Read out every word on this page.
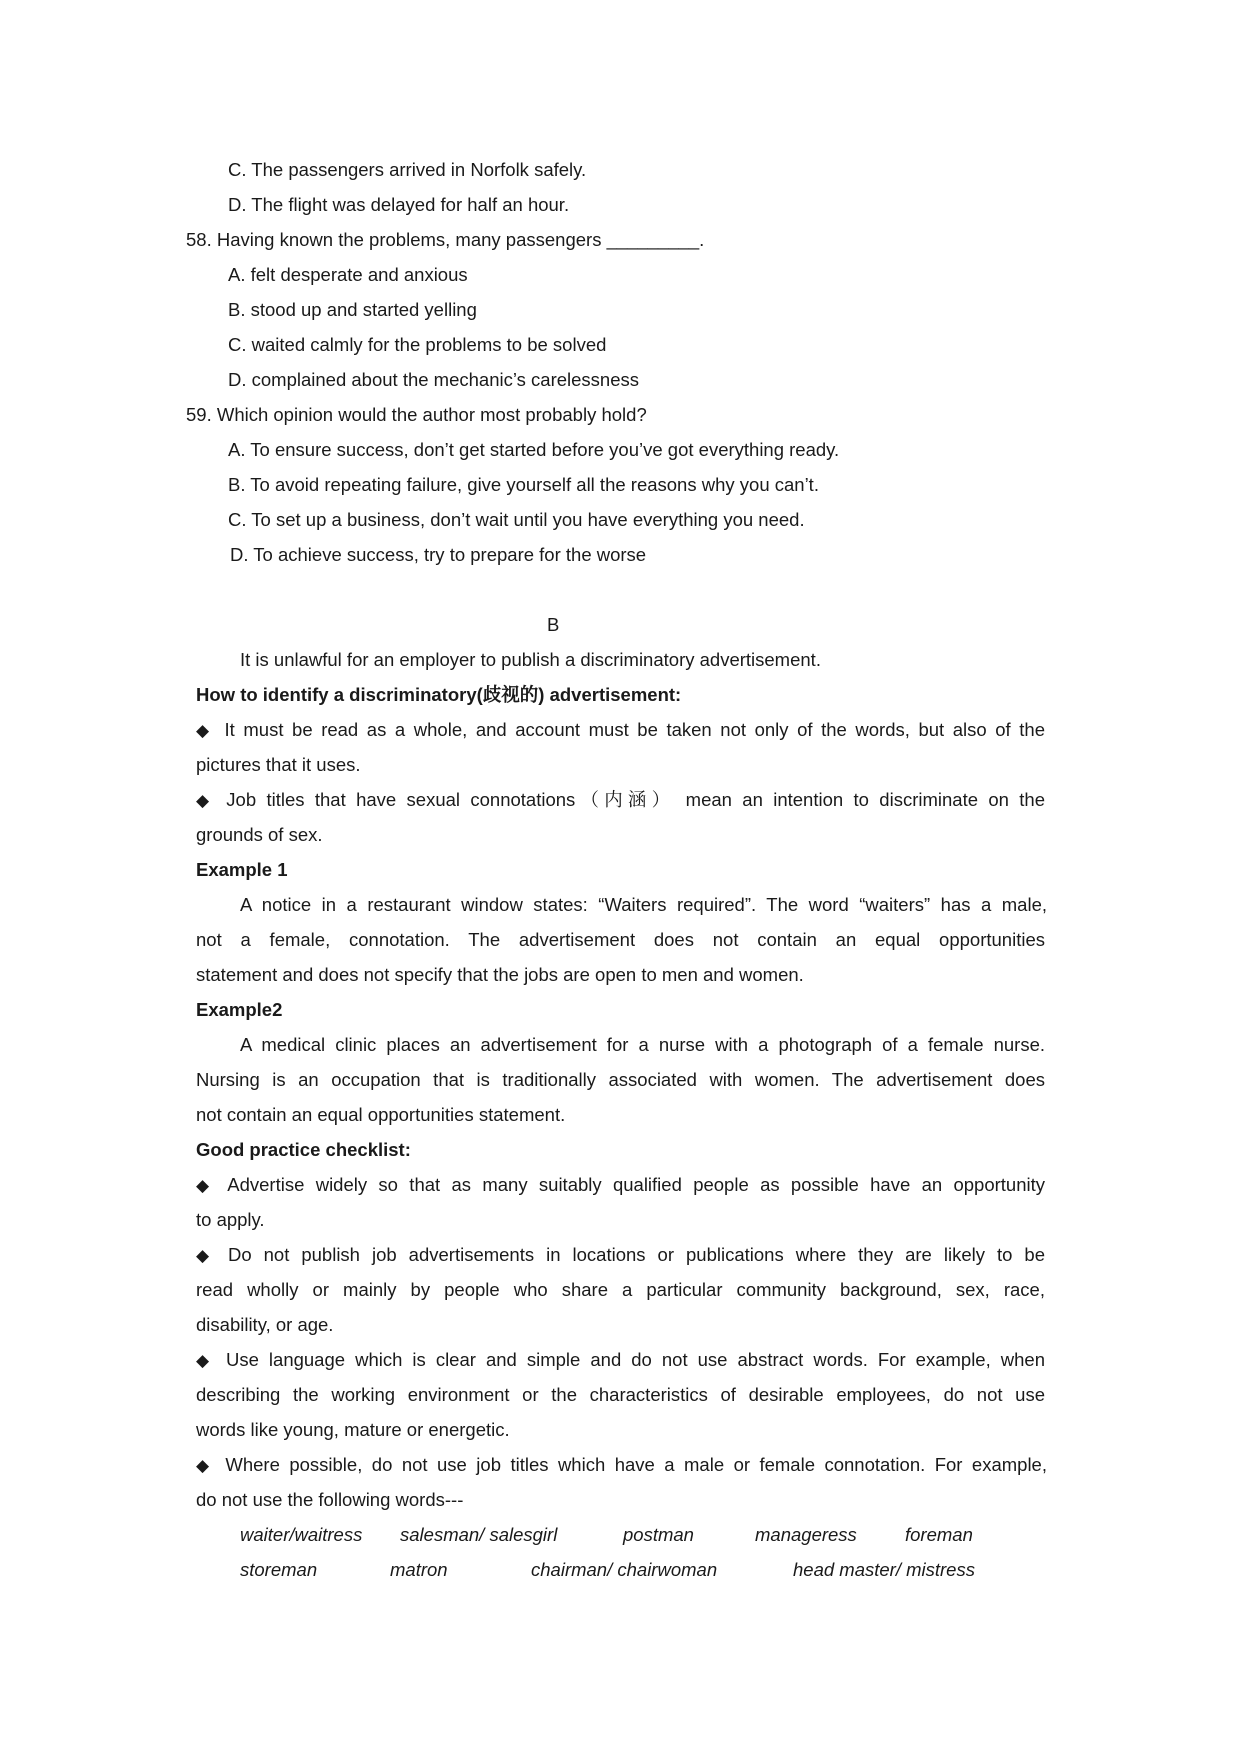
C. The passengers arrived in Norfolk safely.
D. The flight was delayed for half an hour.
58. Having known the problems, many passengers _________.
A. felt desperate and anxious
B. stood up and started yelling
C. waited calmly for the problems to be solved
D. complained about the mechanic’s carelessness
59. Which opinion would the author most probably hold?
A. To ensure success, don’t get started before you’ve got everything ready.
B. To avoid repeating failure, give yourself all the reasons why you can’t.
C. To set up a business, don’t wait until you have everything you need.
D. To achieve success, try to prepare for the worse
B
It is unlawful for an employer to publish a discriminatory advertisement.
How to identify a discriminatory(歧视的) advertisement:
◆ It must be read as a whole, and account must be taken not only of the words, but also of the
pictures that it uses.
◆ Job titles that have sexual connotations（内涵） mean an intention to discriminate on the
grounds of sex.
Example 1
A notice in a restaurant window states: “Waiters required”. The word “waiters” has a male,
not a female, connotation. The advertisement does not contain an equal opportunities
statement and does not specify that the jobs are open to men and women.
Example2
A medical clinic places an advertisement for a nurse with a photograph of a female nurse.
Nursing is an occupation that is traditionally associated with women. The advertisement does
not contain an equal opportunities statement.
Good practice checklist:
◆ Advertise widely so that as many suitably qualified people as possible have an opportunity
to apply.
◆ Do not publish job advertisements in locations or publications where they are likely to be
read wholly or mainly by people who share a particular community background, sex, race,
disability, or age.
◆ Use language which is clear and simple and do not use abstract words. For example, when
describing the working environment or the characteristics of desirable employees, do not use
words like young, mature or energetic.
◆ Where possible, do not use job titles which have a male or female connotation. For example,
do not use the following words---
waiter/waitress salesman/ salesgirl	postman	manageress	foreman
storeman	matron	chairman/ chairwoman	head master/ mistress
